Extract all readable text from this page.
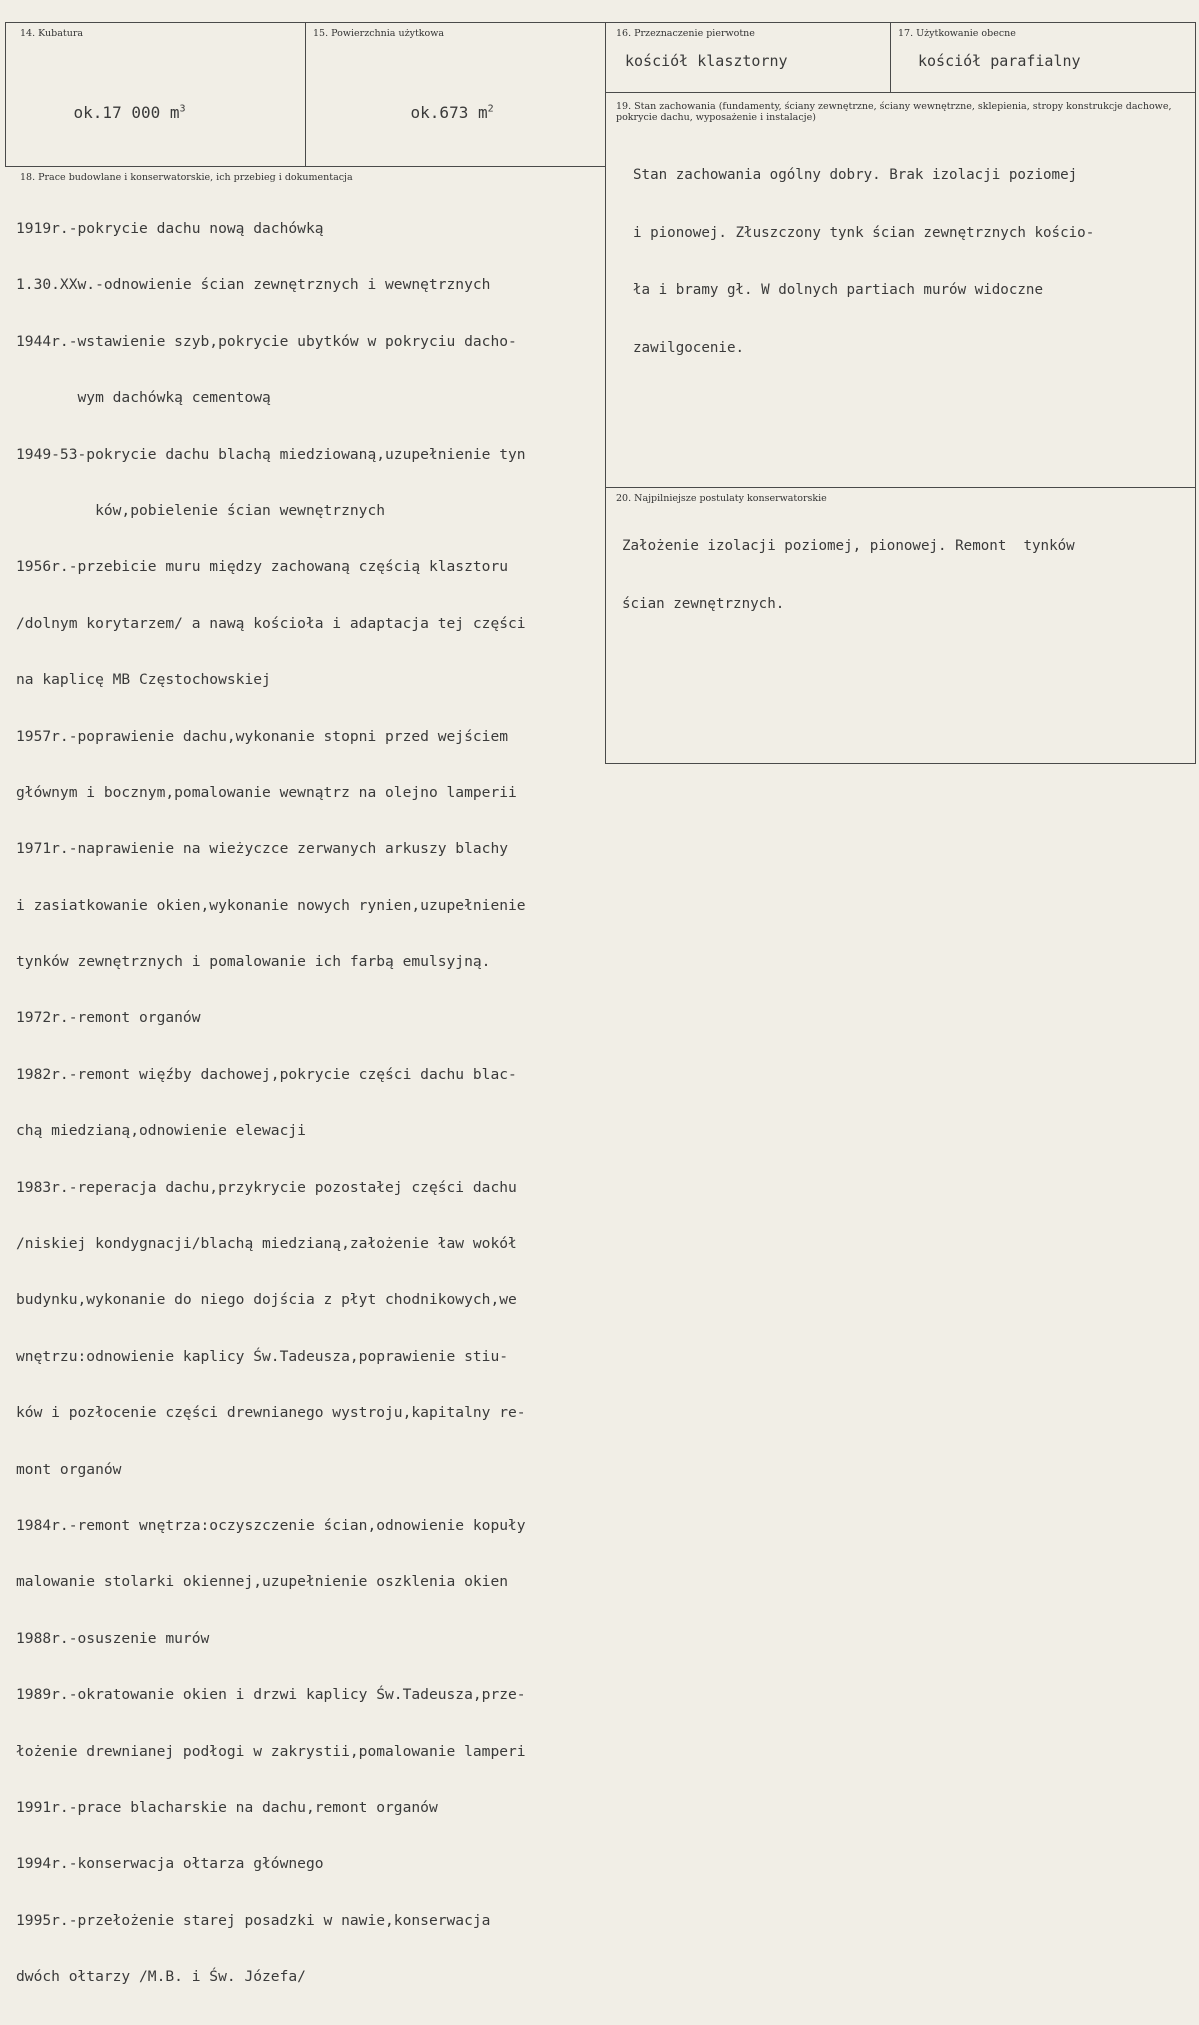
14. Kubatura

ok.17 000 $m^3$

15. Powierzchnia użytkowa

ok.673 $m^2$

16. Przeznaczenie pierwotne
kościół klasztorny
17. Użytkowanie obecne
kościół parafialny
18. Prace budowlane i konserwatorskie, ich przebieg i dokumentacja

1919r.-pokrycie dachu nową dachówką

1.30.XXw.-odnowienie ścian zewnętrznych i wewnętrznych

1944r.-wstawienie szyb,pokrycie ubytków w pokryciu dacho-

wym dachówką cementową

1949-53-pokrycie dachu blachą miedziowaną,uzupełnienie tyn

ków,pobielenie ścian wewnętrznych

1956r.-przebicie muru między zachowaną częścią klasztoru

/dolnym korytarzem/ a nawą kościoła i adaptacja tej części

na kaplicę MB Częstochowskiej

1957r.-poprawienie dachu,wykonanie stopni przed wejściem

głównym i bocznym,pomalowanie wewnątrz na olejno lamperii

1971r.-naprawienie na wieżyczce zerwanych arkuszy blachy

i zasiatkowanie okien,wykonanie nowych rynien,uzupełnienie

tynków zewnętrznych i pomalowanie ich farbą emulsyjną.

1972r.-remont organów

1982r.-remont więźby dachowej,pokrycie części dachu blac-

chą miedzianą,odnowienie elewacji

1983r.-reperacja dachu,przykrycie pozostałej części dachu

/niskiej kondygnacji/blachą miedzianą,założenie ław wokół

budynku,wykonanie do niego dojścia z płyt chodnikowych,we

wnętrzu:odnowienie kaplicy Św.Tadeusza,poprawienie stiu-

ków i pozłocenie części drewnianego wystroju,kapitalny re-

mont organów

1984r.-remont wnętrza:oczyszczenie ścian,odnowienie kopuły

malowanie stolarki okiennej,uzupełnienie oszklenia okien

1988r.-osuszenie murów

1989r.-okratowanie okien i drzwi kaplicy Św.Tadeusza,prze-

łożenie drewnianej podłogi w zakrystii,pomalowanie lamperi

1991r.-prace blacharskie na dachu,remont organów

1994r.-konserwacja ołtarza głównego

1995r.-przełożenie starej posadzki w nawie,konserwacja

dwóch ołtarzy /M.B. i Św. Józefa/

19. Stan zachowania (fundamenty, ściany zewnętrzne, ściany wewnętrzne, sklepienia, stropy konstrukcje dachowe, pokrycie dachu, wyposażenie i instalacje)

Stan zachowania ogólny dobry. Brak izolacji poziomej

i pionowej. Złuszczony tynk ścian zewnętrznych kościo-

ła i bramy gł. W dolnych partiach murów widoczne

zawilgocenie.

20. Najpilniejsze postulaty konserwatorskie

Założenie izolacji poziomej, pionowej. Remont  tynków

ścian zewnętrznych.
